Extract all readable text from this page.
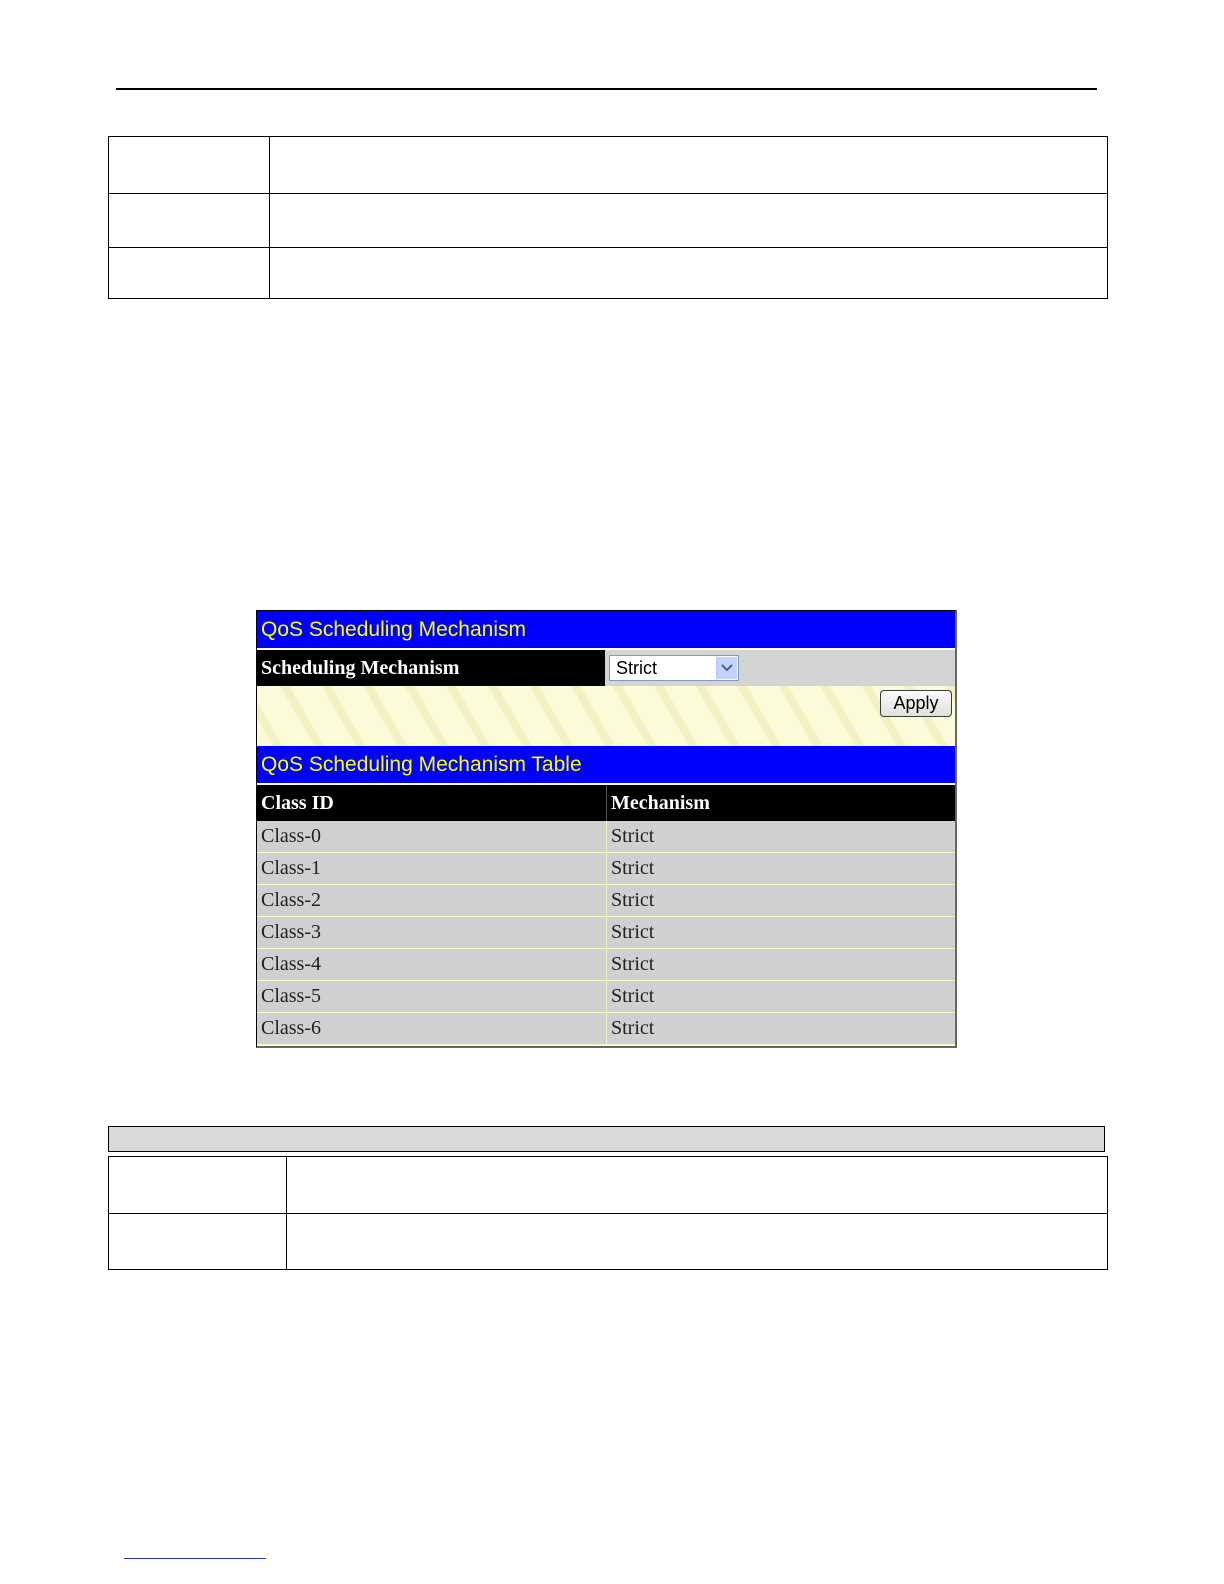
QoS Scheduling Mechanism
Scheduling Mechanism	Strict
Apply
QoS Scheduling Mechanism Table
Class ID	Mechanism
Class-0	Strict
Class-1	Strict
Class-2	Strict
Class-3	Strict
Class-4	Strict
Class-5	Strict
Class-6	Strict
